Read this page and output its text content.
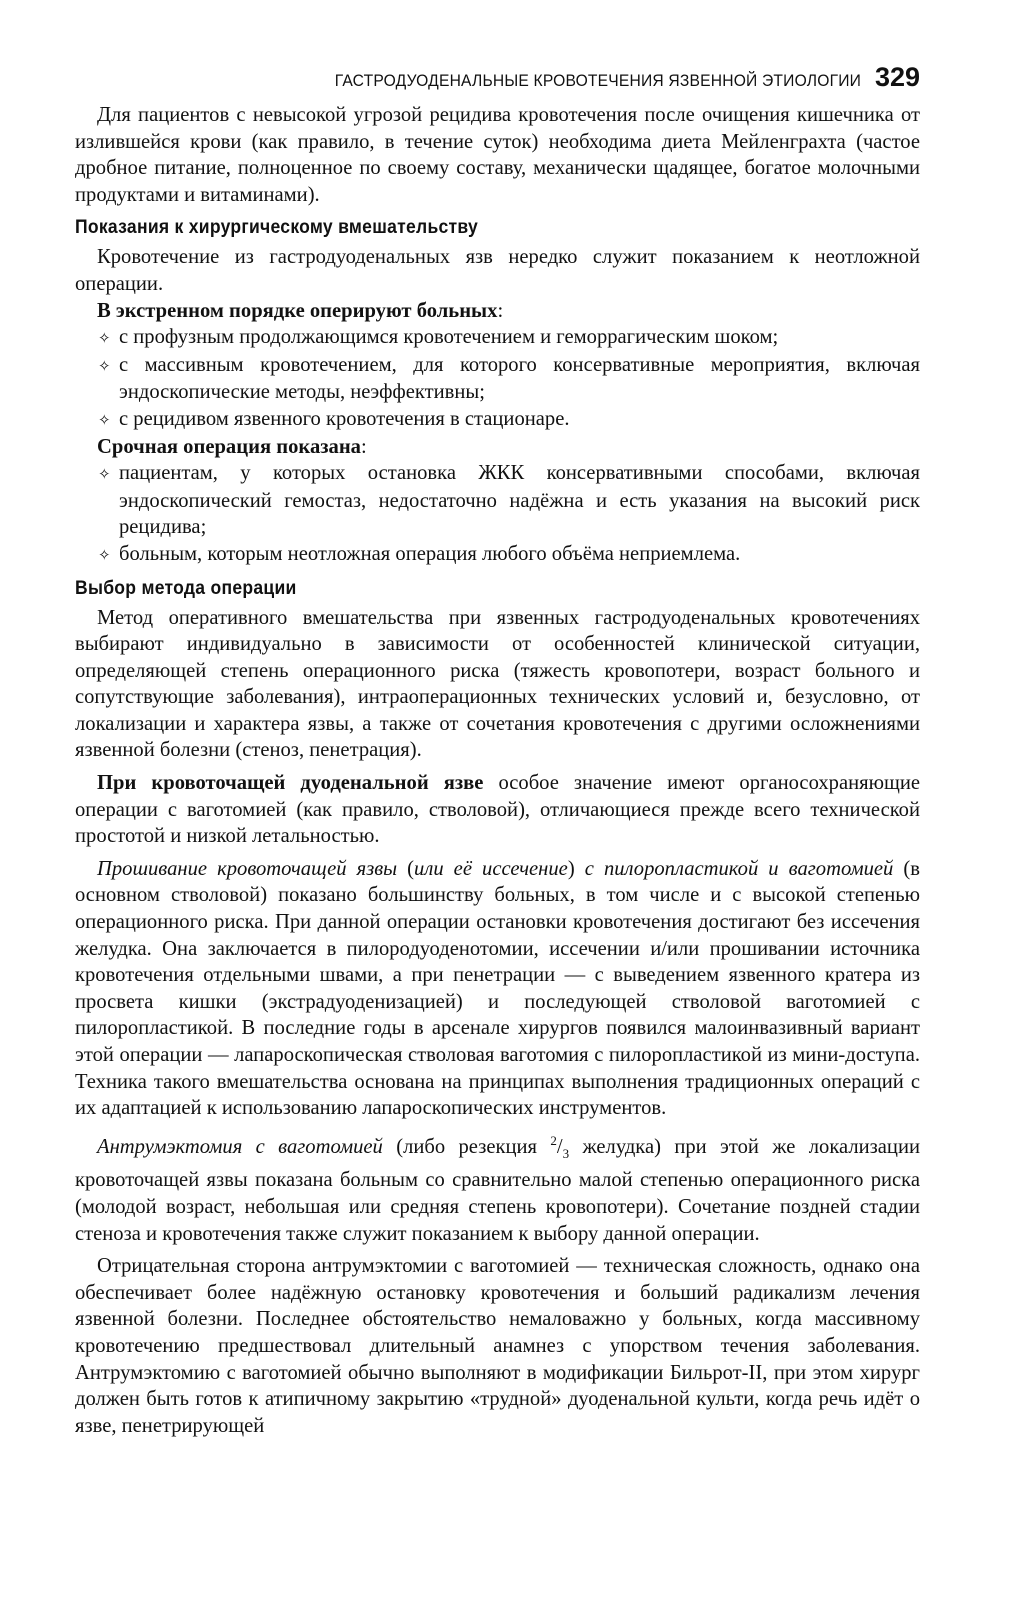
ГАСТРОДУОДЕНАЛЬНЫЕ КРОВОТЕЧЕНИЯ ЯЗВЕННОЙ ЭТИОЛОГИИ 329

Для пациентов с невысокой угрозой рецидива кровотечения после очищения кишечника от излившейся крови (как правило, в течение суток) необходима диета Мейленграхта (частое дробное питание, полноценное по своему составу, механически щадящее, богатое молочными продуктами и витаминами).

Показания к хирургическому вмешательству

Кровотечение из гастродуоденальных язв нередко служит показанием к неотложной операции.

В экстренном порядке оперируют больных:
✧ с профузным продолжающимся кровотечением и геморрагическим шоком;
✧ с массивным кровотечением, для которого консервативные мероприятия, включая эндоскопические методы, неэффективны;
✧ с рецидивом язвенного кровотечения в стационаре.
Срочная операция показана:
✧ пациентам, у которых остановка ЖКК консервативными способами, включая эндоскопический гемостаз, недостаточно надёжна и есть указания на высокий риск рецидива;
✧ больным, которым неотложная операция любого объёма неприемлема.
Выбор метода операции

Метод оперативного вмешательства при язвенных гастродуоденальных кровотечениях выбирают индивидуально в зависимости от особенностей клинической ситуации, определяющей степень операционного риска (тяжесть кровопотери, возраст больного и сопутствующие заболевания), интраоперационных технических условий и, безусловно, от локализации и характера язвы, а также от сочетания кровотечения с другими осложнениями язвенной болезни (стеноз, пенетрация).

При кровоточащей дуоденальной язве особое значение имеют органосохраняющие операции с ваготомией (как правило, стволовой), отличающиеся прежде всего технической простотой и низкой летальностью.

Прошивание кровоточащей язвы (или её иссечение) с пилоропластикой и ваготомией (в основном стволовой) показано большинству больных, в том числе и с высокой степенью операционного риска. При данной операции остановки кровотечения достигают без иссечения желудка. Она заключается в пилородуоденотомии, иссечении и/или прошивании источника кровотечения отдельными швами, а при пенетрации — с выведением язвенного кратера из просвета кишки (экстрадуоденизацией) и последующей стволовой ваготомией с пилоропластикой. В последние годы в арсенале хирургов появился малоинвазивный вариант этой операции — лапароскопическая стволовая ваготомия с пилоропластикой из мини-доступа. Техника такого вмешательства основана на принципах выполнения традиционных операций с их адаптацией к использованию лапароскопических инструментов.

Антрумэктомия с ваготомией (либо резекция $^2/_3$ желудка) при этой же локализации кровоточащей язвы показана больным со сравнительно малой степенью операционного риска (молодой возраст, небольшая или средняя степень кровопотери). Сочетание поздней стадии стеноза и кровотечения также служит показанием к выбору данной операции.

Отрицательная сторона антрумэктомии с ваготомией — техническая сложность, однако она обеспечивает более надёжную остановку кровотечения и больший радикализм лечения язвенной болезни. Последнее обстоятельство немаловажно у больных, когда массивному кровотечению предшествовал длительный анамнез с упорством течения заболевания. Антрумэктомию с ваготомией обычно выполняют в модификации Бильрот-II, при этом хирург должен быть готов к атипичному закрытию «трудной» дуоденальной культи, когда речь идёт о язве, пенетрирующей
